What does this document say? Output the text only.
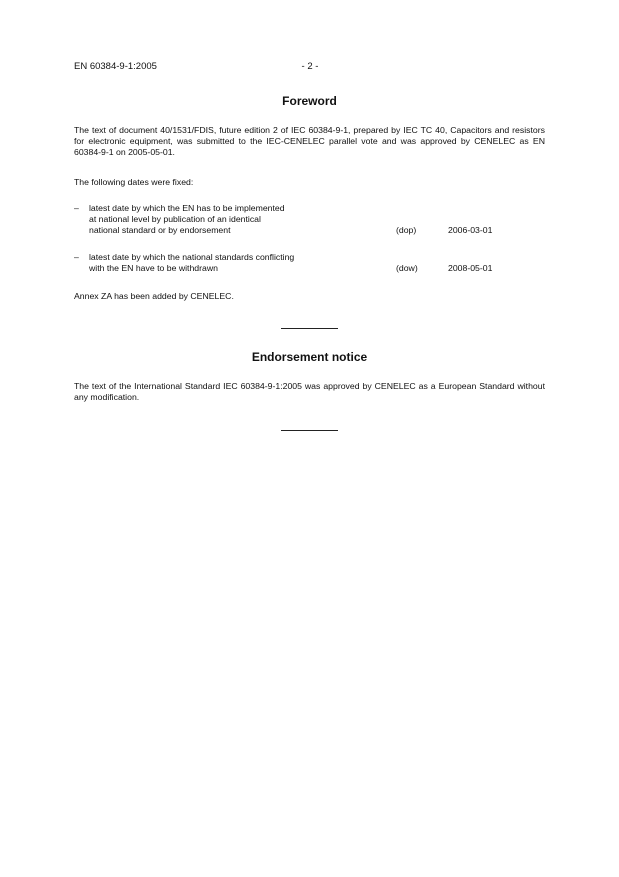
EN 60384-9-1:2005	- 2 -
Foreword
The text of document 40/1531/FDIS, future edition 2 of IEC 60384-9-1, prepared by IEC TC 40, Capacitors and resistors for electronic equipment, was submitted to the IEC-CENELEC parallel vote and was approved by CENELEC as EN 60384-9-1 on 2005-05-01.
The following dates were fixed:
– latest date by which the EN has to be implemented
at national level by publication of an identical
national standard or by endorsement	(dop)	2006-03-01
– latest date by which the national standards conflicting
with the EN have to be withdrawn	(dow)	2008-05-01
Annex ZA has been added by CENELEC.
Endorsement notice
The text of the International Standard IEC 60384-9-1:2005 was approved by CENELEC as a European Standard without any modification.
